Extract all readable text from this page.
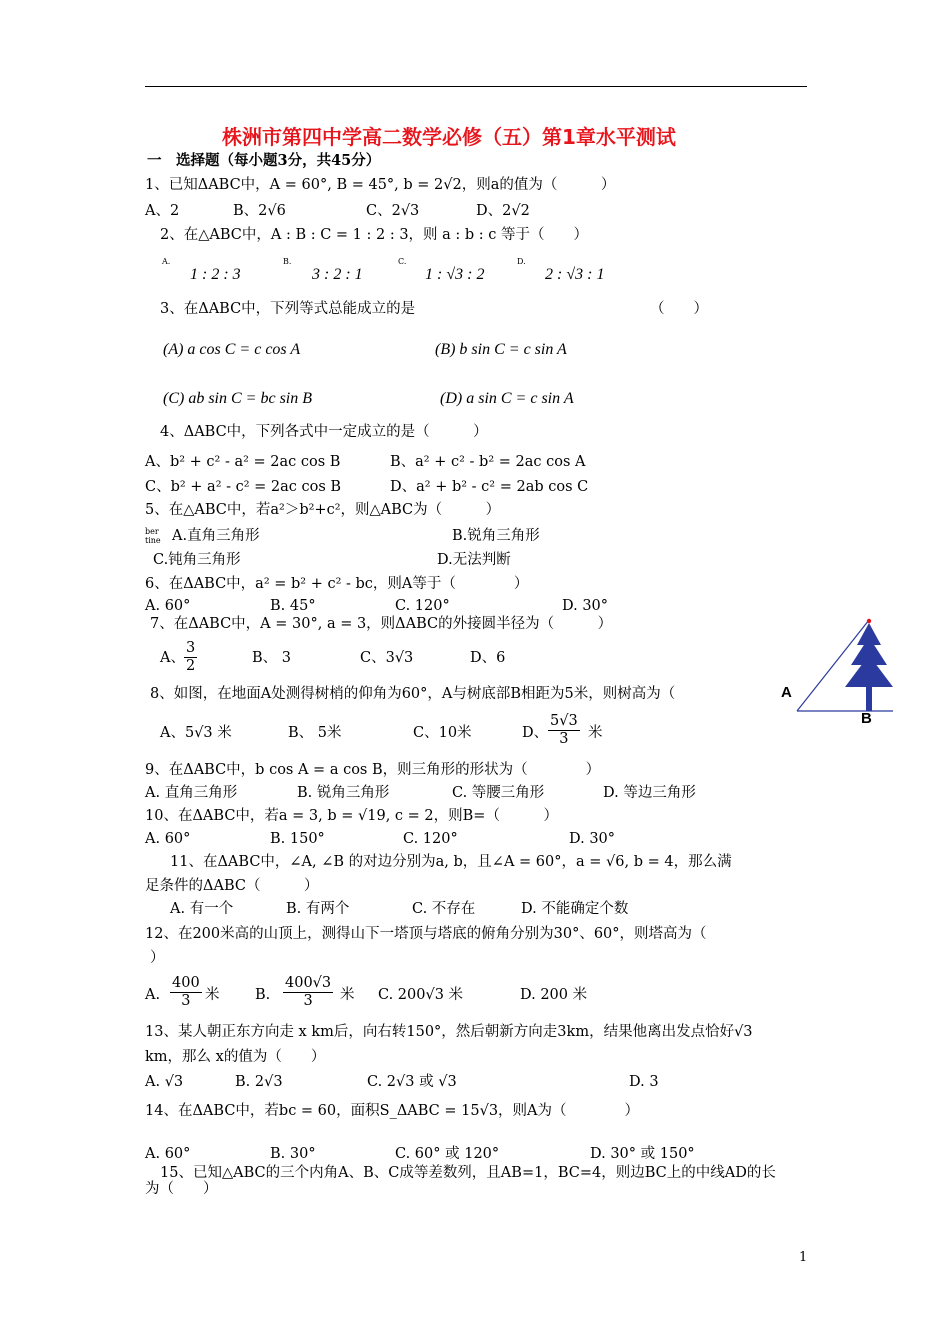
株洲市第四中学高二数学必修（五）第1章水平测试
一　选择题（每小题3分，共45分）
1、已知ΔABC中，A = 60°, B = 45°, b = 2√2，则a的值为（　　　）
A、2	B、2√6	C、2√3	D、2√2
2、在△ABC中，A : B : C = 1 : 2 : 3，则 a : b : c 等于（　　）
A.
1 : 2 : 3
B.
3 : 2 : 1
C.
1 : √3 : 2
D.
2 : √3 : 1
3、在ΔABC中，下列等式总能成立的是	（　　）
(A) a cos C = c cos A	(B) b sin C = c sin A
(C) ab sin C = bc sin B	(D) a sin C = c sin A
4、ΔABC中，下列各式中一定成立的是（　　　）
A、b² + c² - a² = 2ac cos B	B、a² + c² - b² = 2ac cos A
C、b² + a² - c² = 2ac cos B	D、a² + b² - c² = 2ab cos C
5、在△ABC中，若a²＞b²+c²，则△ABC为（　　　）
ber tine A.直角三角形	B.锐角三角形
C.钝角三角形	D.无法判断
6、在ΔABC中，a² = b² + c² - bc，则A等于（　　　　）
A. 60°	B. 45°	C. 120°	D. 30°
7、在ΔABC中，A = 30°, a = 3，则ΔABC的外接圆半径为（　　　）
A、 $\frac{3}{2}$	B、 3	C、3√3	D、6
8、如图，在地面A处测得树梢的仰角为60°，A与树底部B相距为5米，则树高为（
A、5√3 米	B、 5米	C、10米	D、 $\frac{5√3}{3}$ 米
A
B
9、在ΔABC中，b cos A = a cos B，则三角形的形状为（　　　　）
A. 直角三角形	B. 锐角三角形	C. 等腰三角形	D. 等边三角形
10、在ΔABC中，若a = 3, b = √19, c = 2，则B=（　　　）
A. 60°	B. 150°	C. 120°	D. 30°
11、在ΔABC中，∠A, ∠B 的对边分别为a, b，且∠A = 60°，a = √6, b = 4，那么满
足条件的ΔABC（　　　）
A. 有一个	B. 有两个	C. 不存在	D. 不能确定个数
12、在200米高的山顶上，测得山下一塔顶与塔底的俯角分别为30°、60°，则塔高为（
）
A. $\frac{400}{3}$ 米 B. $\frac{400√3}{3}$ 米 C. 200√3 米	D. 200 米
13、某人朝正东方向走 x km后，向右转150°，然后朝新方向走3km，结果他离出发点恰好√3
km，那么 x的值为（　　）
A. √3	B. 2√3	C. 2√3 或 √3	D. 3
14、在ΔABC中，若bc = 60，面积S_ΔABC = 15√3，则A为（　　　　）
A. 60°	B. 30°	C. 60° 或 120°	D. 30° 或 150°
15、已知△ABC的三个内角A、B、C成等差数列，且AB=1，BC=4，则边BC上的中线AD的长
为（　　）
1
